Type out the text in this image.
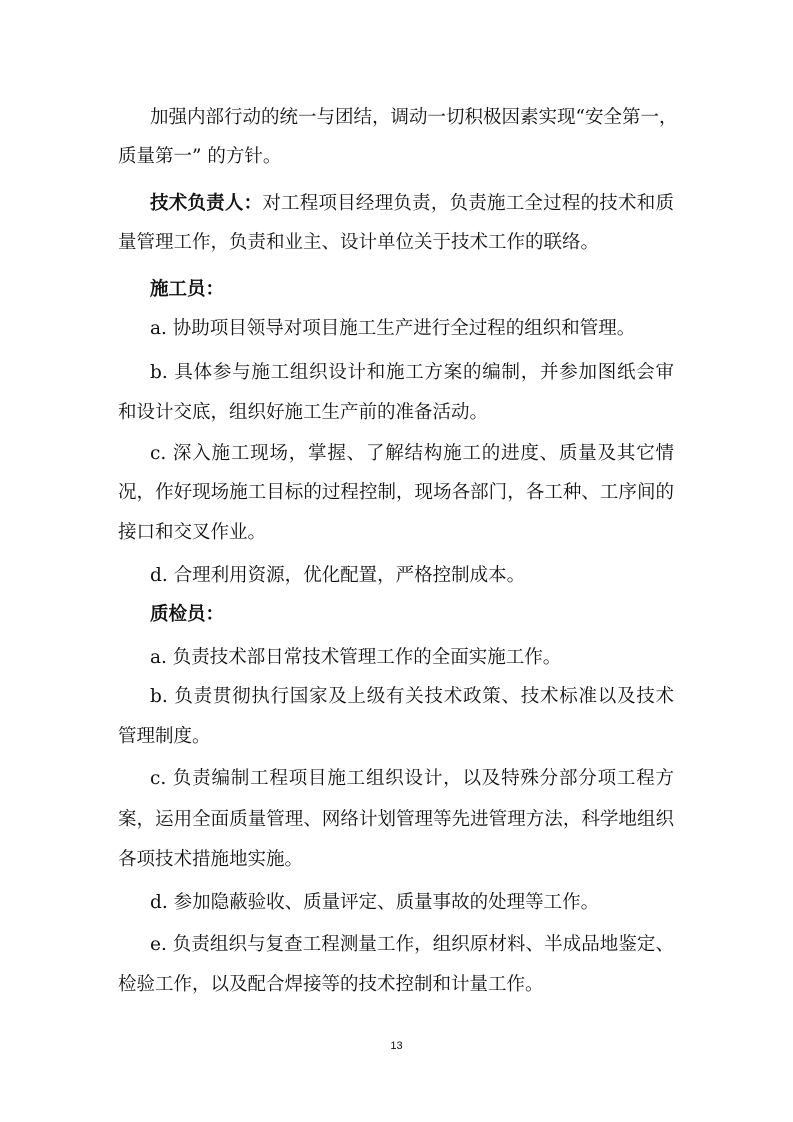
加强内部行动的统一与团结，调动一切积极因素实现“安全第一，
质量第一” 的方针。
技术负责人：对工程项目经理负责，负责施工全过程的技术和质
量管理工作，负责和业主、设计单位关于技术工作的联络。
施工员：
a. 协助项目领导对项目施工生产进行全过程的组织和管理。
b. 具体参与施工组织设计和施工方案的编制，并参加图纸会审
和设计交底，组织好施工生产前的准备活动。
c. 深入施工现场，掌握、了解结构施工的进度、质量及其它情
况，作好现场施工目标的过程控制，现场各部门，各工种、工序间的
接口和交叉作业。
d. 合理利用资源，优化配置，严格控制成本。
质检员：
a. 负责技术部日常技术管理工作的全面实施工作。
b. 负责贯彻执行国家及上级有关技术政策、技术标准以及技术
管理制度。
c. 负责编制工程项目施工组织设计，以及特殊分部分项工程方
案，运用全面质量管理、网络计划管理等先进管理方法，科学地组织
各项技术措施地实施。
d. 参加隐蔽验收、质量评定、质量事故的处理等工作。
e. 负责组织与复查工程测量工作，组织原材料、半成品地鉴定、
检验工作，以及配合焊接等的技术控制和计量工作。
13
